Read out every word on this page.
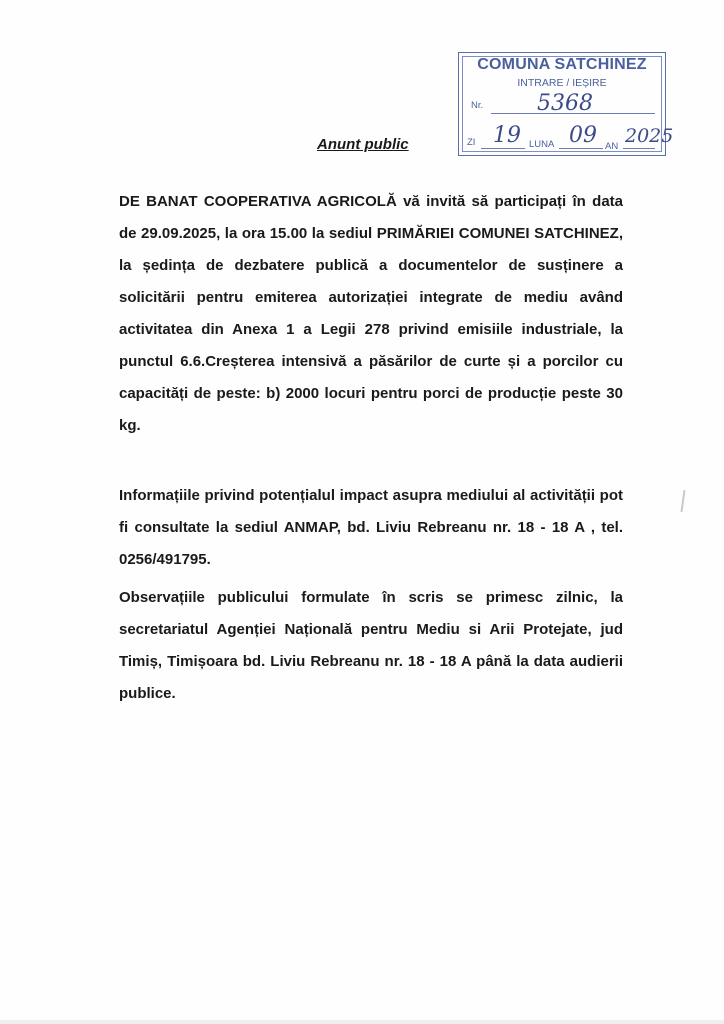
COMUNA SATCHINEZ
INTRARE / IEȘIRE
Nr. 5368
ZI 19 LUNA 09 AN 2025
Anunt public

DE BANAT COOPERATIVA AGRICOLĂ vă invită să participați în data de 29.09.2025, la ora 15.00 la sediul PRIMĂRIEI COMUNEI SATCHINEZ, la ședința de dezbatere publică a documentelor de susținere a solicitării pentru emiterea autorizației integrate de mediu având activitatea din Anexa 1 a Legii 278 privind emisiile industriale, la punctul 6.6.Creșterea intensivă a păsărilor de curte și a porcilor cu capacități de peste: b) 2000 locuri pentru porci de producție peste 30 kg.

Informațiile privind potențialul impact asupra mediului al activității pot fi consultate la sediul ANMAP, bd. Liviu Rebreanu nr. 18 - 18 A , tel. 0256/491795.

Observațiile publicului formulate în scris se primesc zilnic, la secretariatul Agenției Națională pentru Mediu si Arii Protejate, jud Timiș, Timișoara bd. Liviu Rebreanu nr. 18 - 18 A până la data audierii publice.
